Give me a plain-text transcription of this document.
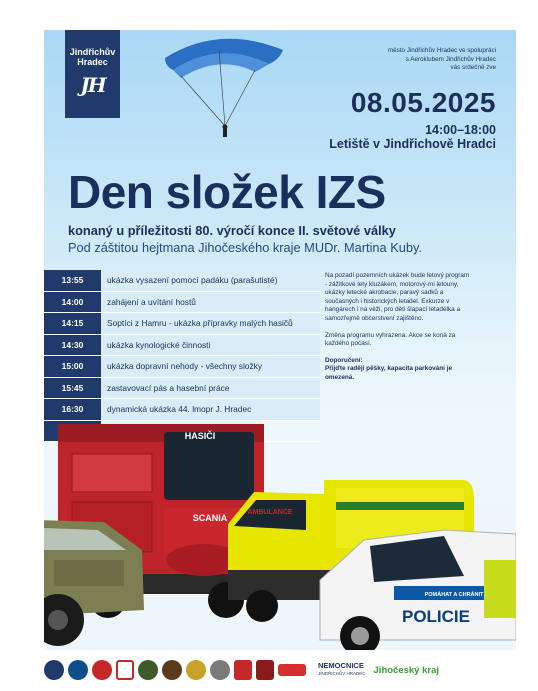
Jindřichův
Hradec
JH
město Jindřichův Hradec ve spolupráci
s Aeroklubem Jindřichův Hradec
vás srdečně zve
08.05.2025
14:00–18:00
Letiště v Jindřichově Hradci
Den složek IZS
konaný u příležitosti 80. výročí konce II. světové války
Pod záštitou hejtmana Jihočeského kraje MUDr. Martina Kuby.
13:55	ukázka vysazení pomocí padáku (parašutisté)
14:00	zahájení a uvítání hostů
14:15	Soptíci z Hamru - ukázka přípravky malých hasičů
14:30	ukázka kynologické činnosti
15:00	ukázka dopravní nehody - všechny složky
15:45	zastavovací pás a hasební práce
16:30	dynamická ukázka 44. lmopr J. Hradec

Na pozadí pozemních ukázek bude letový program - zážitkové lety kluzákem, motorový-mi letouny, ukázky letecké akrobacie, paravý sadků a současných i historických letadel. Exkurze v hangárech i na věži, pro děti šlapací letadélka a samozřejmě občerstvení zajištěno.

Změna programu vyhrazena. Akce se koná za každého počasí.

Doporučení:
Přijďte raději pěšky, kapacita parkování je omezená.
SCANIA
HASIČI
AMBULANCE
POLICIE
POMÁHAT A CHRÁNIT
NEMOCNICE
JINDŘICHŮV HRADEC Jihočeský kraj
